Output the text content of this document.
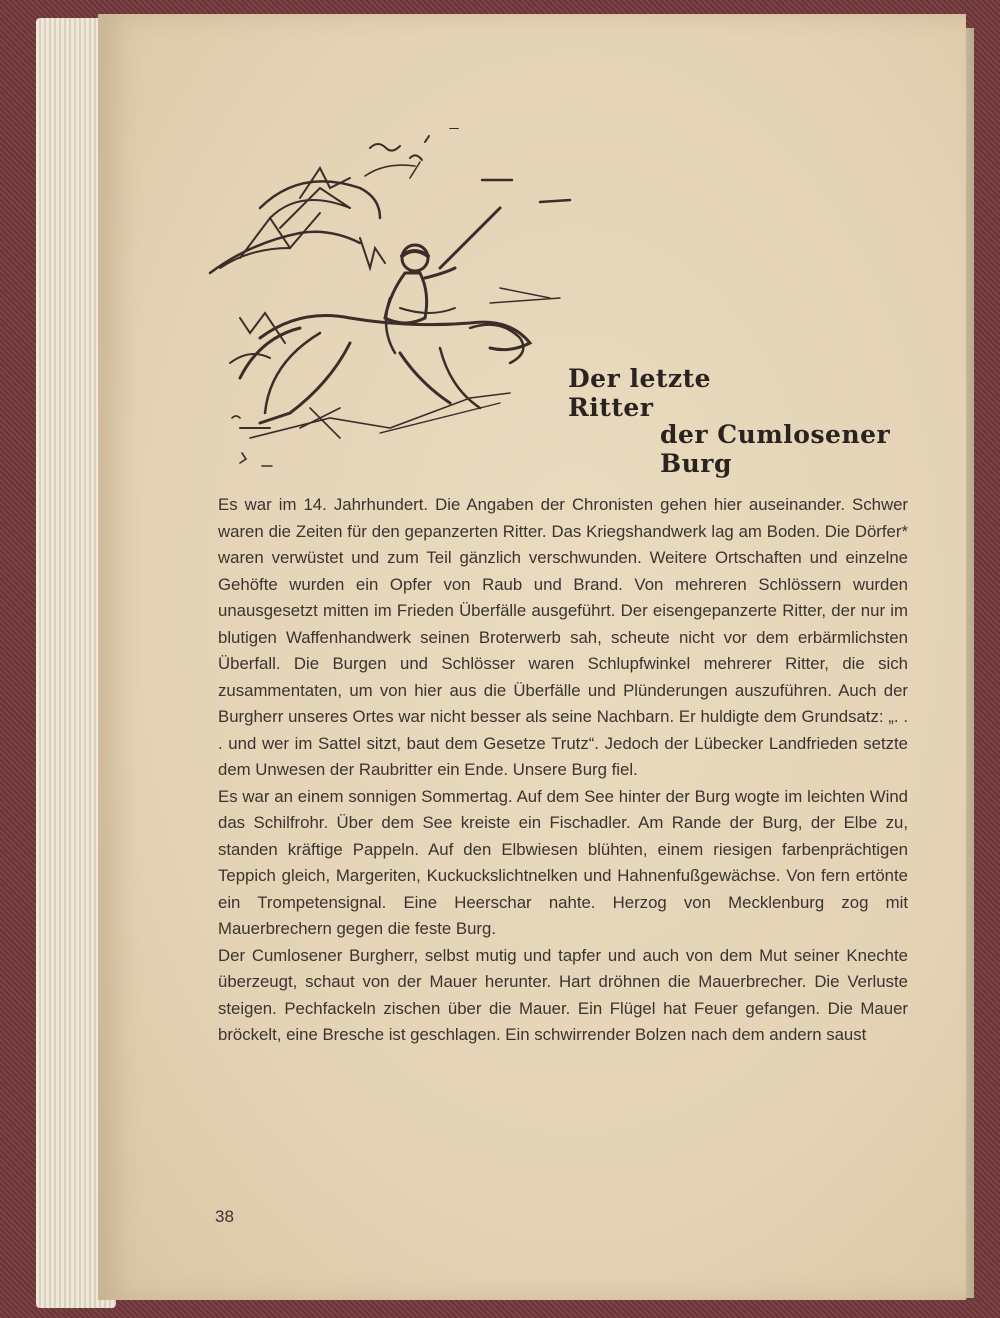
Der letzte Ritter
der Cumlosener Burg

Es war im 14. Jahrhundert. Die Angaben der Chronisten gehen hier auseinander. Schwer waren die Zeiten für den gepanzerten Ritter. Das Kriegshandwerk lag am Boden. Die Dörfer* waren verwüstet und zum Teil gänzlich verschwunden. Weitere Ortschaften und einzelne Gehöfte wurden ein Opfer von Raub und Brand. Von mehreren Schlössern wurden unausgesetzt mitten im Frieden Überfälle ausgeführt. Der eisengepanzerte Ritter, der nur im blutigen Waffenhandwerk seinen Broterwerb sah, scheute nicht vor dem erbärmlichsten Überfall. Die Burgen und Schlösser waren Schlupfwinkel mehrerer Ritter, die sich zusammentaten, um von hier aus die Überfälle und Plünderungen auszuführen. Auch der Burgherr unseres Ortes war nicht besser als seine Nachbarn. Er huldigte dem Grundsatz: „. . . und wer im Sattel sitzt, baut dem Gesetze Trutz“. Jedoch der Lübecker Landfrieden setzte dem Unwesen der Raubritter ein Ende. Unsere Burg fiel.

Es war an einem sonnigen Sommertag. Auf dem See hinter der Burg wogte im leichten Wind das Schilfrohr. Über dem See kreiste ein Fischadler. Am Rande der Burg, der Elbe zu, standen kräftige Pappeln. Auf den Elbwiesen blühten, einem riesigen farbenprächtigen Teppich gleich, Margeriten, Kuckuckslichtnelken und Hahnenfußgewächse. Von fern ertönte ein Trompetensignal. Eine Heerschar nahte. Herzog von Mecklenburg zog mit Mauerbrechern gegen die feste Burg.

Der Cumlosener Burgherr, selbst mutig und tapfer und auch von dem Mut seiner Knechte überzeugt, schaut von der Mauer herunter. Hart dröhnen die Mauerbrecher. Die Verluste steigen. Pechfackeln zischen über die Mauer. Ein Flügel hat Feuer gefangen. Die Mauer bröckelt, eine Bresche ist geschlagen. Ein schwirrender Bolzen nach dem andern saust

38
